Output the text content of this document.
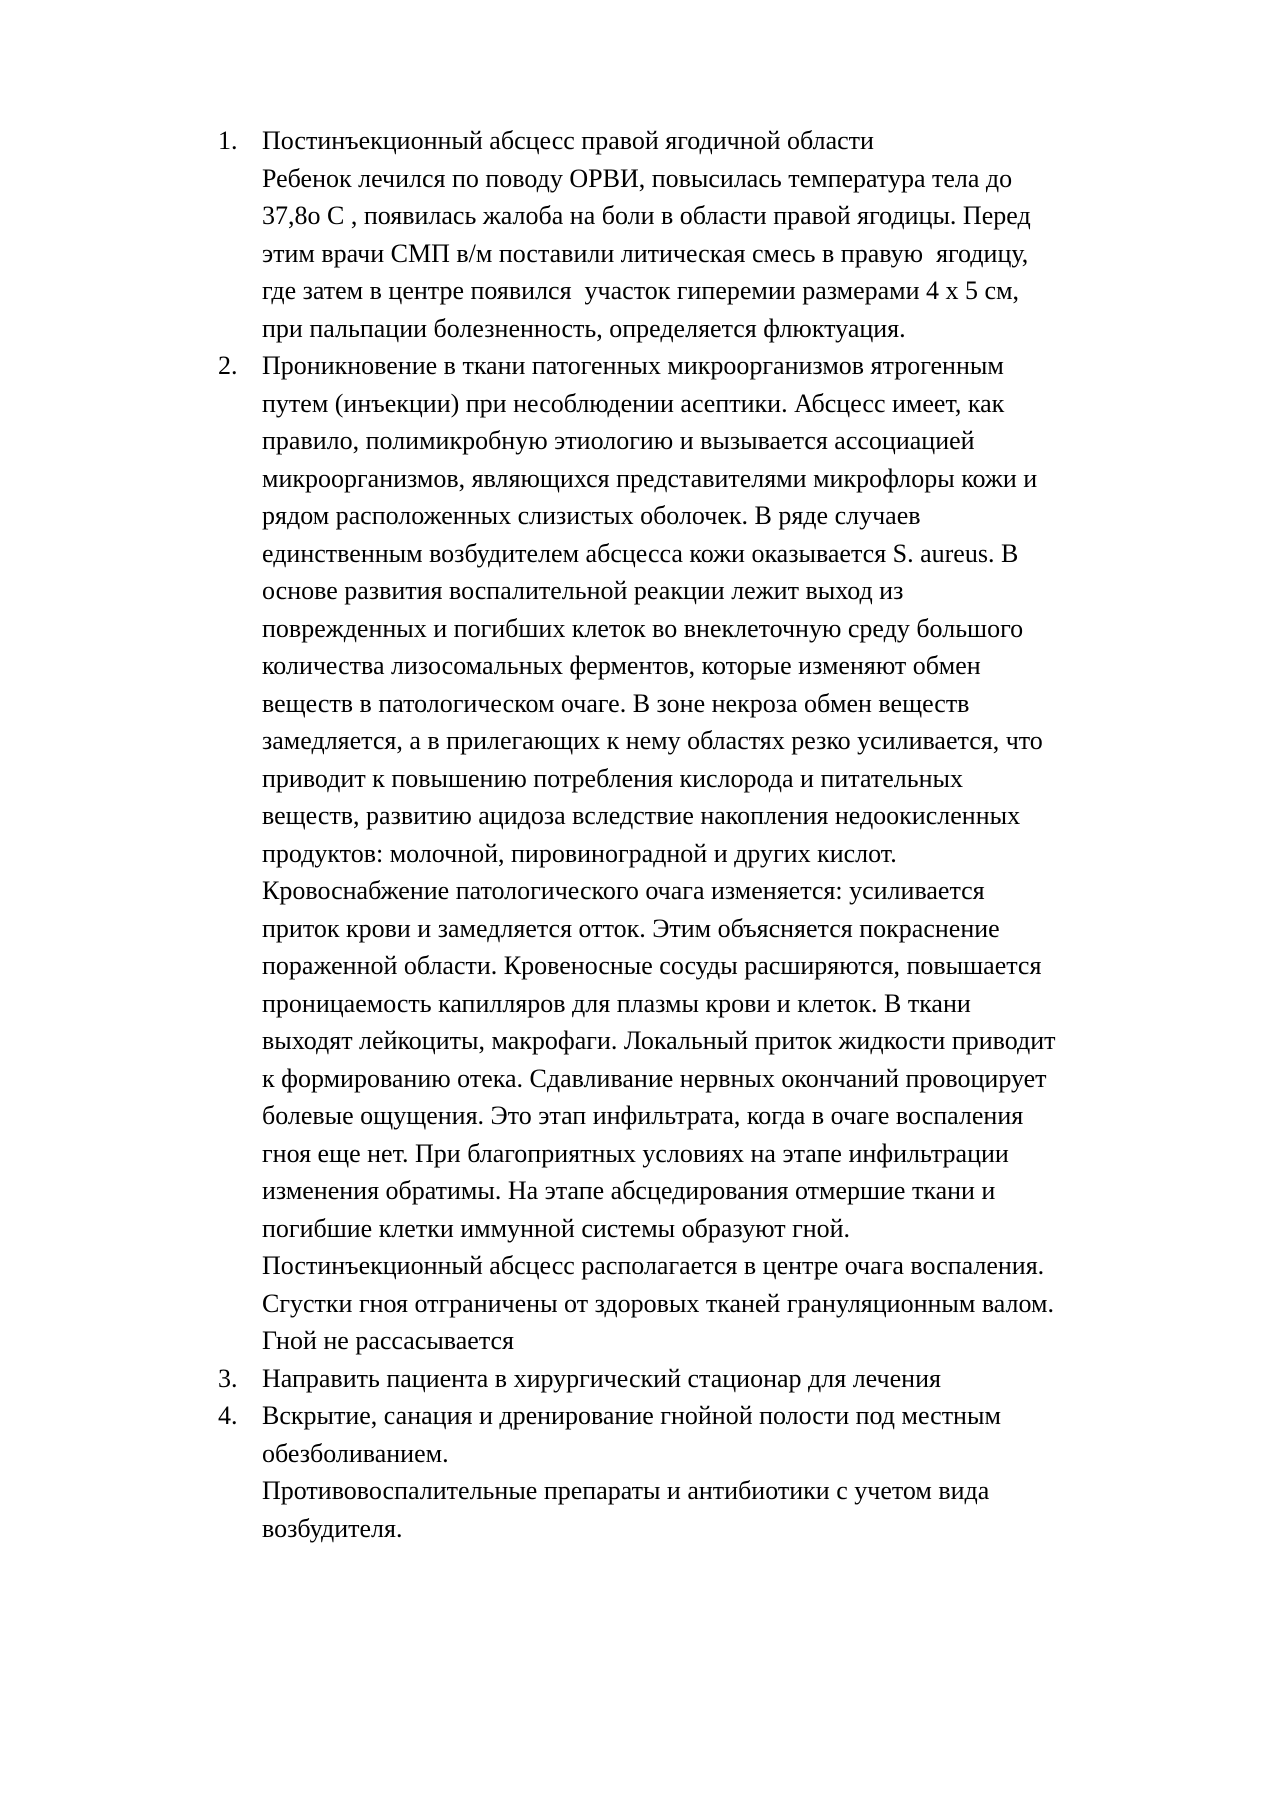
1. Постинъекционный абсцесс правой ягодичной области
Ребенок лечился по поводу ОРВИ, повысилась температура тела до
37,8о С , появилась жалоба на боли в области правой ягодицы. Перед
этим врачи СМП в/м поставили литическая смесь в правую  ягодицу,
где затем в центре появился  участок гиперемии размерами 4 х 5 см,
при пальпации болезненность, определяется флюктуация.
2. Проникновение в ткани патогенных микроорганизмов ятрогенным
путем (инъекции) при несоблюдении асептики. Абсцесс имеет, как
правило, полимикробную этиологию и вызывается ассоциацией
микроорганизмов, являющихся представителями микрофлоры кожи и
рядом расположенных слизистых оболочек. В ряде случаев
единственным возбудителем абсцесса кожи оказывается S. aureus. В
основе развития воспалительной реакции лежит выход из
поврежденных и погибших клеток во внеклеточную среду большого
количества лизосомальных ферментов, которые изменяют обмен
веществ в патологическом очаге. В зоне некроза обмен веществ
замедляется, а в прилегающих к нему областях резко усиливается, что
приводит к повышению потребления кислорода и питательных
веществ, развитию ацидоза вследствие накопления недоокисленных
продуктов: молочной, пировиноградной и других кислот.
Кровоснабжение патологического очага изменяется: усиливается
приток крови и замедляется отток. Этим объясняется покраснение
пораженной области. Кровеносные сосуды расширяются, повышается
проницаемость капилляров для плазмы крови и клеток. В ткани
выходят лейкоциты, макрофаги. Локальный приток жидкости приводит
к формированию отека. Сдавливание нервных окончаний провоцирует
болевые ощущения. Это этап инфильтрата, когда в очаге воспаления
гноя еще нет. При благоприятных условиях на этапе инфильтрации
изменения обратимы. На этапе абсцедирования отмершие ткани и
погибшие клетки иммунной системы образуют гной.
Постинъекционный абсцесс располагается в центре очага воспаления.
Сгустки гноя отграничены от здоровых тканей грануляционным валом.
Гной не рассасывается
3. Направить пациента в хирургический стационар для лечения
4. Вскрытие, санация и дренирование гнойной полости под местным
обезболиванием.
Противовоспалительные препараты и антибиотики с учетом вида
возбудителя.
